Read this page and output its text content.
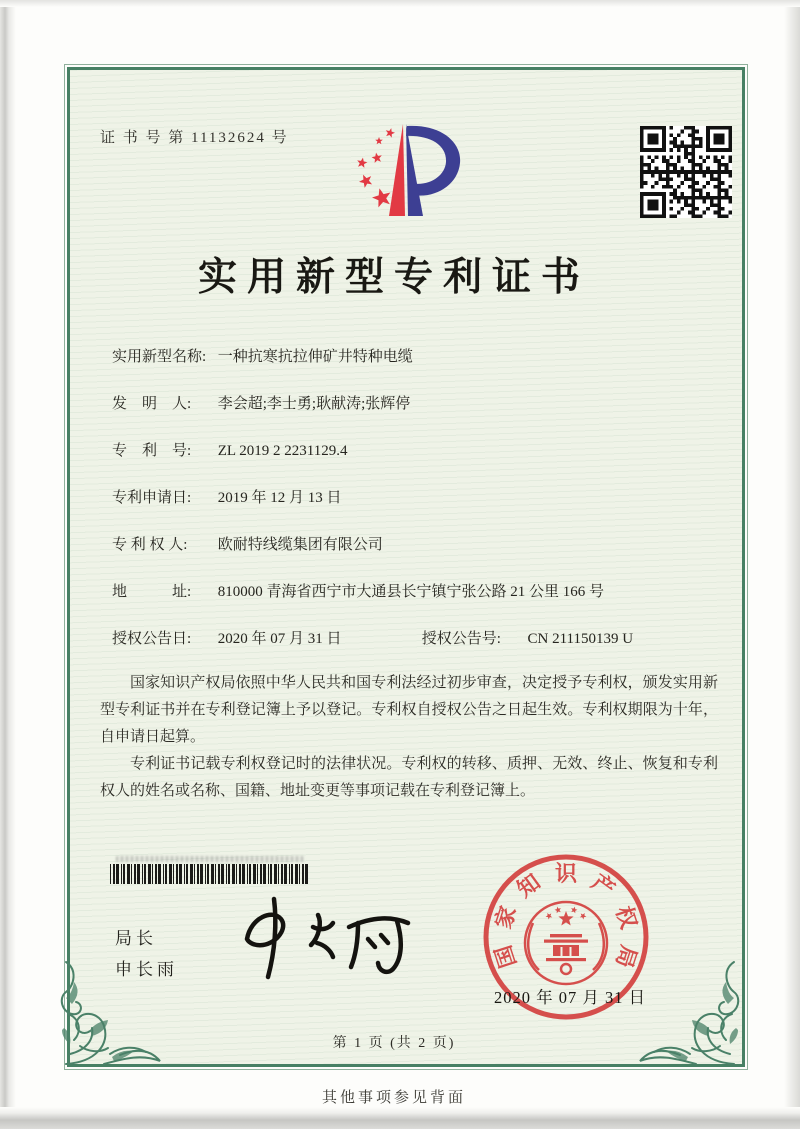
证 书 号 第 11132624 号
实用新型专利证书
实用新型名称: 一种抗寒抗拉伸矿井特种电缆
发　明　人: 李会超;李士勇;耿献涛;张辉停
专　利　号: ZL 2019 2 2231129.4
专利申请日: 2019 年 12 月 13 日
专 利 权 人: 欧耐特线缆集团有限公司
地　　　址: 810000 青海省西宁市大通县长宁镇宁张公路 21 公里 166 号
授权公告日: 2020 年 07 月 31 日	授权公告号: CN 211150139 U

国家知识产权局依照中华人民共和国专利法经过初步审查，决定授予专利权，颁发实用新型专利证书并在专利登记簿上予以登记。专利权自授权公告之日起生效。专利权期限为十年，自申请日起算。

专利证书记载专利权登记时的法律状况。专利权的转移、质押、无效、终止、恢复和专利权人的姓名或名称、国籍、地址变更等事项记载在专利登记簿上。

局长
申长雨	国
家
知 识 产
权
局
2020 年 07 月 31 日
第 1 页 (共 2 页)
其他事项参见背面
